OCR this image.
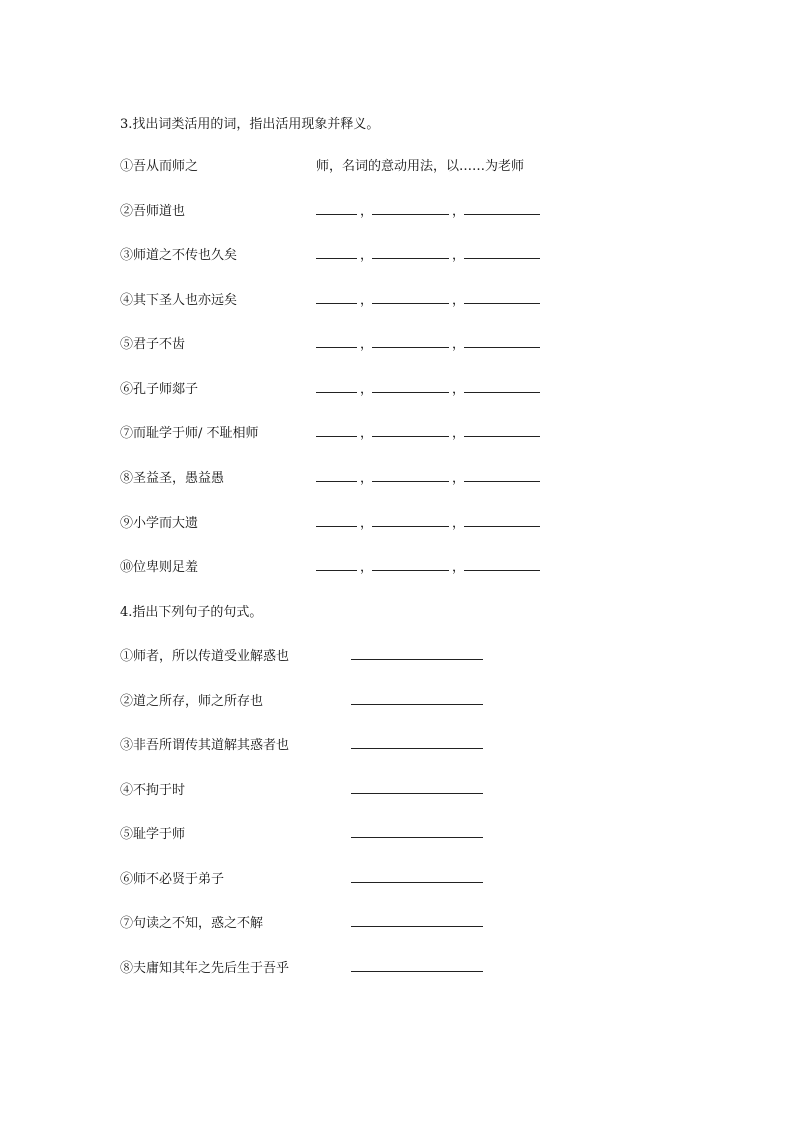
3.找出词类活用的词，指出活用现象并释义。
①吾从而师之	师，名词的意动用法，以……为老师
②吾师道也	，	，
③师道之不传也久矣	，	，
④其下圣人也亦远矣	，	，
⑤君子不齿	，	，
⑥孔子师郯子	，	，
⑦而耻学于师/ 不耻相师	，	，
⑧圣益圣，愚益愚	，	，
⑨小学而大遗	，	，
⑩位卑则足羞	，	，
4.指出下列句子的句式。
①师者，所以传道受业解惑也
②道之所存，师之所存也
③非吾所谓传其道解其惑者也
④不拘于时
⑤耻学于师
⑥师不必贤于弟子
⑦句读之不知，惑之不解
⑧夫庸知其年之先后生于吾乎
